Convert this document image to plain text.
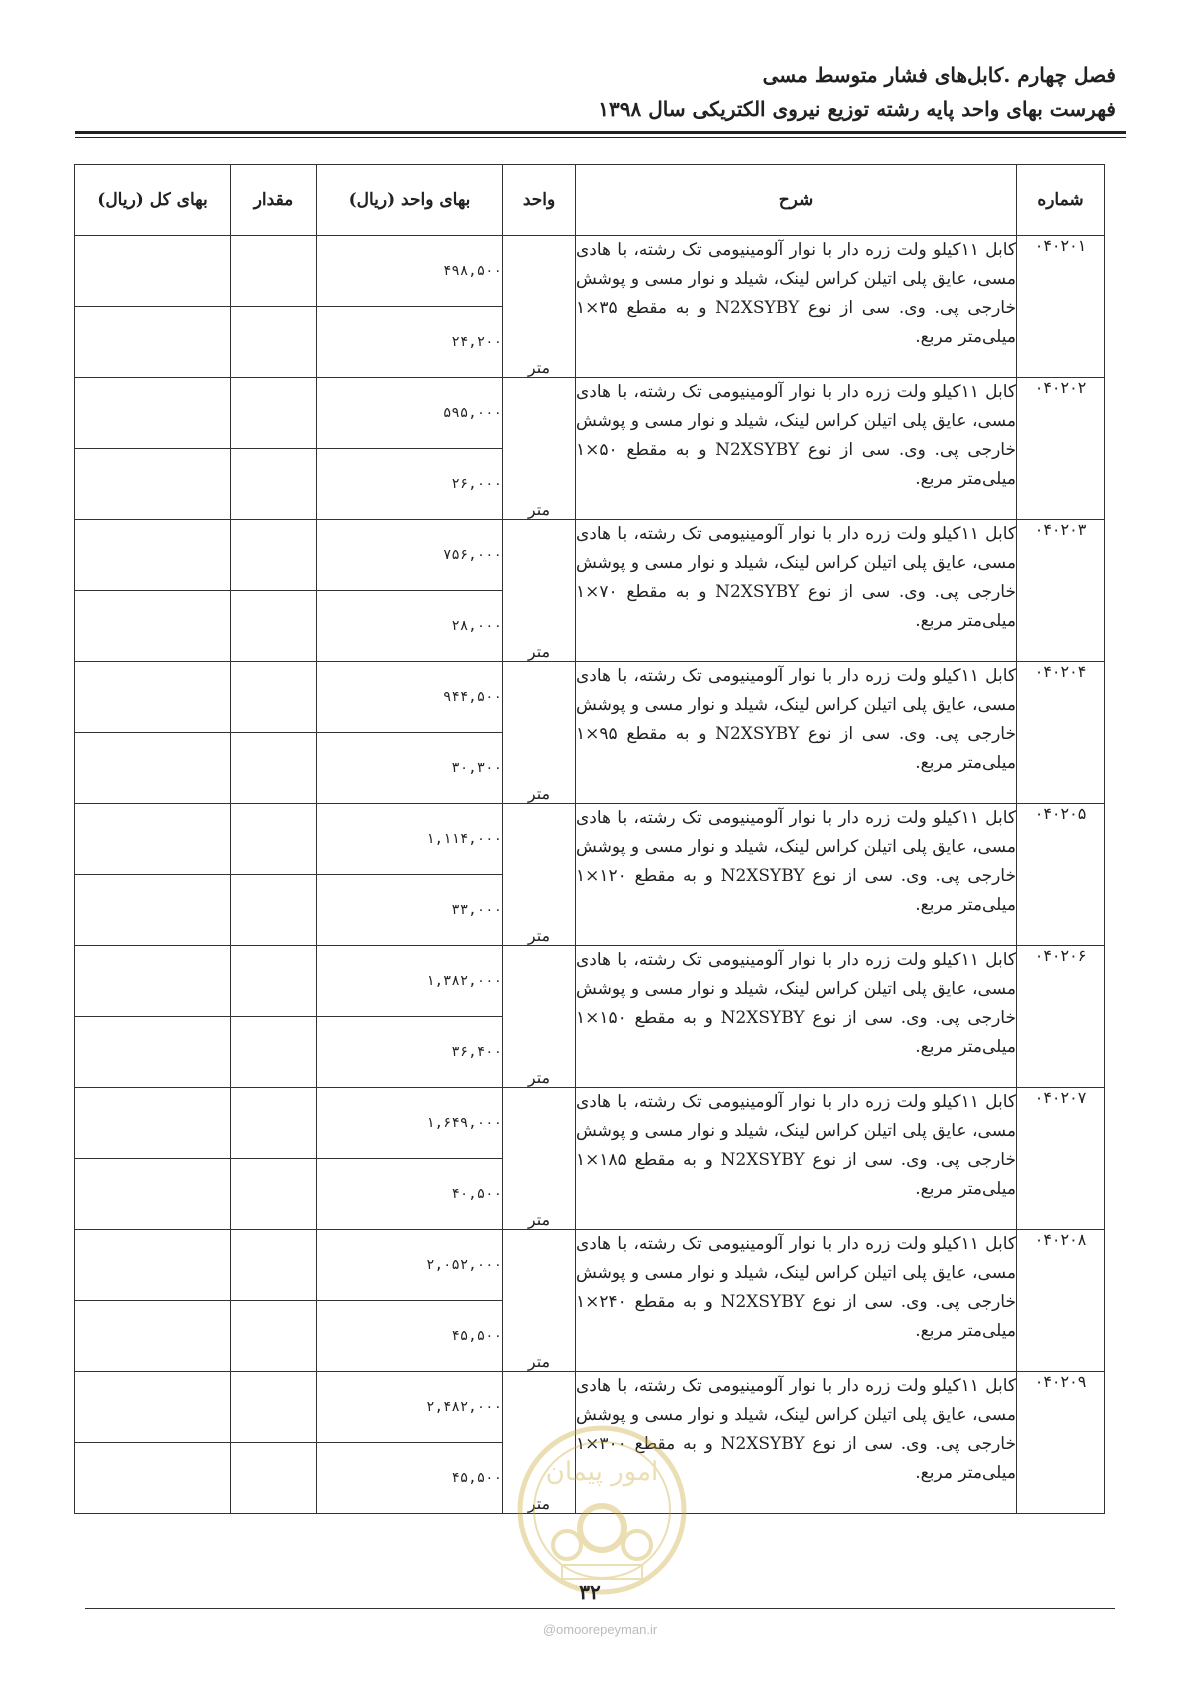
فصل چهارم .کابل‌های فشار متوسط مسی
فهرست بهای واحد پایه رشته توزیع نیروی الکتریکی سال ۱۳۹۸
شماره	شرح	واحد	بهای واحد (ریال)	مقدار	بهای کل (ریال)
۰۴۰۲۰۱	کابل ۱۱کیلو ولت زره دار با نوار آلومینیومی تک رشته، با هادی مسی، عایق پلی اتیلن کراس لینک، شیلد و نوار مسی و پوشش خارجی پی. وی. سی از نوع N2XSYBY و به مقطع ۳۵×۱ میلی‌متر مربع.	متر	۴۹۸,۵۰۰		
			۲۴,۲۰۰		
۰۴۰۲۰۲	کابل ۱۱کیلو ولت زره دار با نوار آلومینیومی تک رشته، با هادی مسی، عایق پلی اتیلن کراس لینک، شیلد و نوار مسی و پوشش خارجی پی. وی. سی از نوع N2XSYBY و به مقطع ۵۰×۱ میلی‌متر مربع.	متر	۵۹۵,۰۰۰		
			۲۶,۰۰۰		
۰۴۰۲۰۳	کابل ۱۱کیلو ولت زره دار با نوار آلومینیومی تک رشته، با هادی مسی، عایق پلی اتیلن کراس لینک، شیلد و نوار مسی و پوشش خارجی پی. وی. سی از نوع N2XSYBY و به مقطع ۷۰×۱ میلی‌متر مربع.	متر	۷۵۶,۰۰۰		
			۲۸,۰۰۰		
۰۴۰۲۰۴	کابل ۱۱کیلو ولت زره دار با نوار آلومینیومی تک رشته، با هادی مسی، عایق پلی اتیلن کراس لینک، شیلد و نوار مسی و پوشش خارجی پی. وی. سی از نوع N2XSYBY و به مقطع ۹۵×۱ میلی‌متر مربع.	متر	۹۴۴,۵۰۰		
			۳۰,۳۰۰		
۰۴۰۲۰۵	کابل ۱۱کیلو ولت زره دار با نوار آلومینیومی تک رشته، با هادی مسی، عایق پلی اتیلن کراس لینک، شیلد و نوار مسی و پوشش خارجی پی. وی. سی از نوع N2XSYBY و به مقطع ۱۲۰×۱ میلی‌متر مربع.	متر	۱,۱۱۴,۰۰۰		
			۳۳,۰۰۰		
۰۴۰۲۰۶	کابل ۱۱کیلو ولت زره دار با نوار آلومینیومی تک رشته، با هادی مسی، عایق پلی اتیلن کراس لینک، شیلد و نوار مسی و پوشش خارجی پی. وی. سی از نوع N2XSYBY و به مقطع ۱۵۰×۱ میلی‌متر مربع.	متر	۱,۳۸۲,۰۰۰		
			۳۶,۴۰۰		
۰۴۰۲۰۷	کابل ۱۱کیلو ولت زره دار با نوار آلومینیومی تک رشته، با هادی مسی، عایق پلی اتیلن کراس لینک، شیلد و نوار مسی و پوشش خارجی پی. وی. سی از نوع N2XSYBY و به مقطع ۱۸۵×۱ میلی‌متر مربع.	متر	۱,۶۴۹,۰۰۰		
			۴۰,۵۰۰		
۰۴۰۲۰۸	کابل ۱۱کیلو ولت زره دار با نوار آلومینیومی تک رشته، با هادی مسی، عایق پلی اتیلن کراس لینک، شیلد و نوار مسی و پوشش خارجی پی. وی. سی از نوع N2XSYBY و به مقطع ۲۴۰×۱ میلی‌متر مربع.	متر	۲,۰۵۲,۰۰۰		
			۴۵,۵۰۰		
۰۴۰۲۰۹	کابل ۱۱کیلو ولت زره دار با نوار آلومینیومی تک رشته، با هادی مسی، عایق پلی اتیلن کراس لینک، شیلد و نوار مسی و پوشش خارجی پی. وی. سی از نوع N2XSYBY و به مقطع ۳۰۰×۱ میلی‌متر مربع.	متر	۲,۴۸۲,۰۰۰		
			۴۵,۵۰۰		امور پیمان
۳۲
@omoorepeyman.ir
